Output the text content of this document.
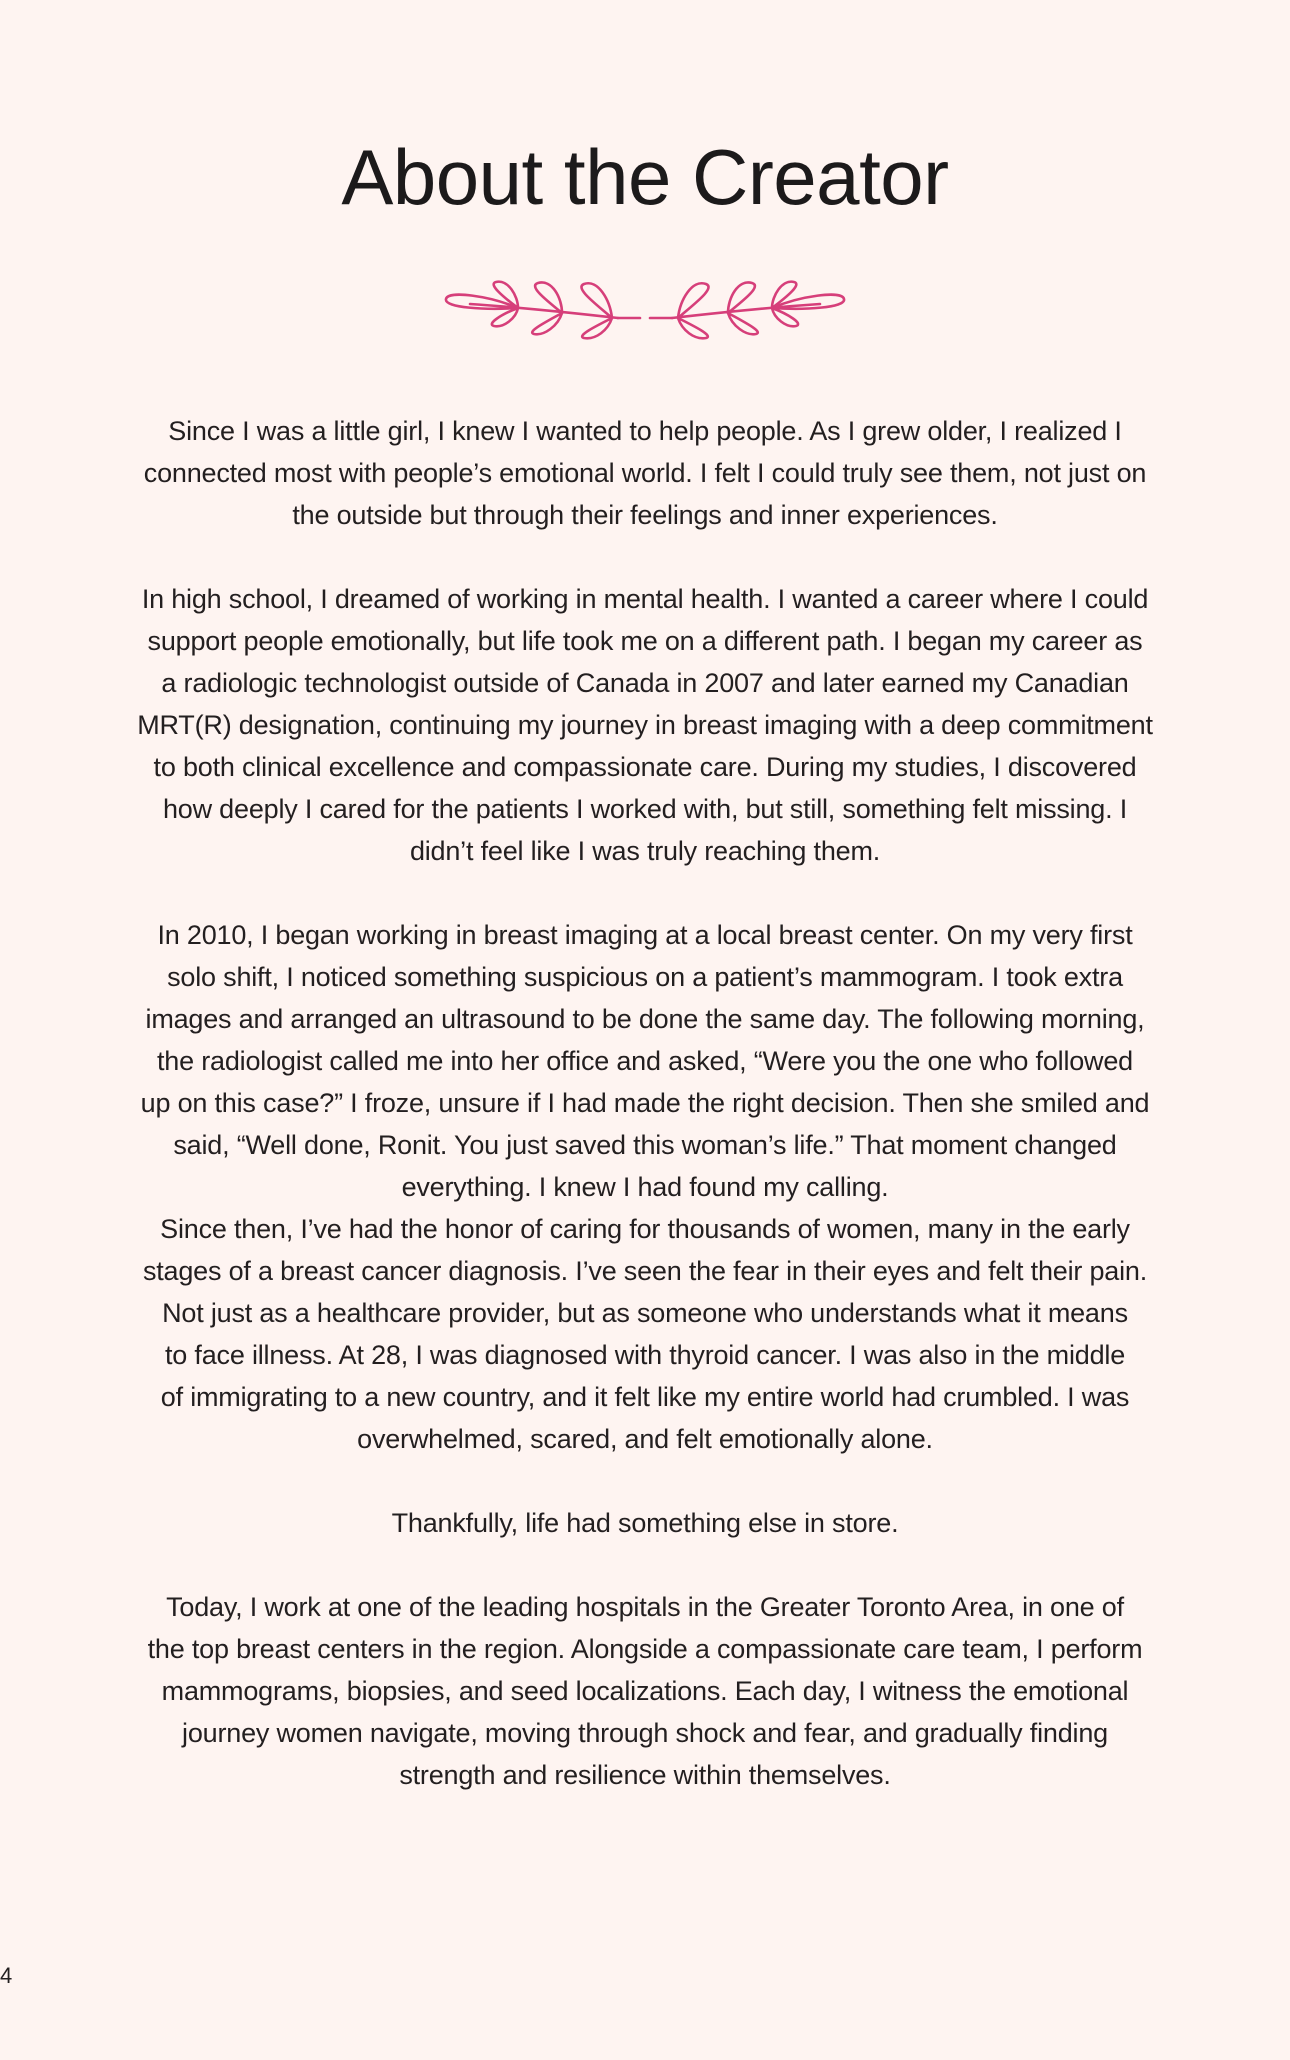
About the Creator

Since I was a little girl, I knew I wanted to help people. As I grew older, I realized I
connected most with people’s emotional world. I felt I could truly see them, not just on
the outside but through their feelings and inner experiences.

In high school, I dreamed of working in mental health. I wanted a career where I could
support people emotionally, but life took me on a different path. I began my career as
a radiologic technologist outside of Canada in 2007 and later earned my Canadian
MRT(R) designation, continuing my journey in breast imaging with a deep commitment
to both clinical excellence and compassionate care. During my studies, I discovered
how deeply I cared for the patients I worked with, but still, something felt missing. I
didn’t feel like I was truly reaching them.

In 2010, I began working in breast imaging at a local breast center. On my very first
solo shift, I noticed something suspicious on a patient’s mammogram. I took extra
images and arranged an ultrasound to be done the same day. The following morning,
the radiologist called me into her office and asked, “Were you the one who followed
up on this case?” I froze, unsure if I had made the right decision. Then she smiled and
said, “Well done, Ronit. You just saved this woman’s life.” That moment changed
everything. I knew I had found my calling.

Since then, I’ve had the honor of caring for thousands of women, many in the early
stages of a breast cancer diagnosis. I’ve seen the fear in their eyes and felt their pain.
Not just as a healthcare provider, but as someone who understands what it means
to face illness. At 28, I was diagnosed with thyroid cancer. I was also in the middle
of immigrating to a new country, and it felt like my entire world had crumbled. I was
overwhelmed, scared, and felt emotionally alone.

Thankfully, life had something else in store.

Today, I work at one of the leading hospitals in the Greater Toronto Area, in one of
the top breast centers in the region. Alongside a compassionate care team, I perform
mammograms, biopsies, and seed localizations. Each day, I witness the emotional
journey women navigate, moving through shock and fear, and gradually finding
strength and resilience within themselves.

4
